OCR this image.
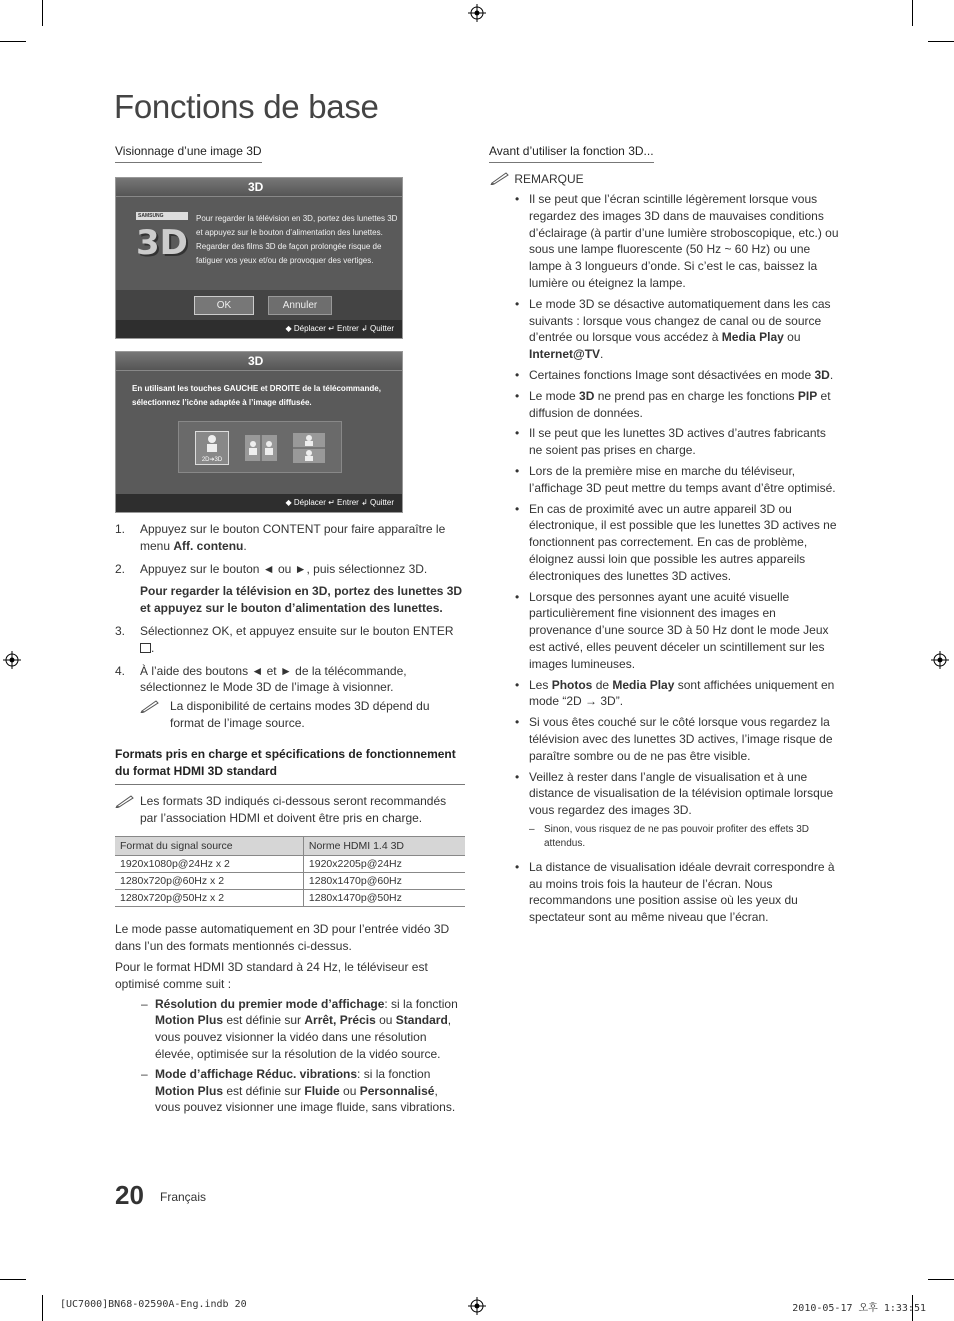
Fonctions de base
Visionnage d’une image 3D
3D
SAMSUNG
3D
Pour regarder la télévision en 3D, portez des lunettes 3D et appuyez sur le bouton d’alimentation des lunettes. Regarder des films 3D de façon prolongée risque de fatiguer vos yeux et/ou de provoquer des vertiges.
OK	Annuler
◆ Déplacer ↵ Entrer ↲ Quitter
3D
En utilisant les touches GAUCHE et DROITE de la télécommande, sélectionnez l’icône adaptée à l’image diffusée.
2D➔3D
◆ Déplacer ↵ Entrer ↲ Quitter
1. Appuyez sur le bouton CONTENT pour faire apparaître le menu Aff. contenu.
2. Appuyez sur le bouton ◄ ou ►, puis sélectionnez 3D.
Pour regarder la télévision en 3D, portez des lunettes 3D et appuyez sur le bouton d’alimentation des lunettes.
3. Sélectionnez OK, et appuyez ensuite sur le bouton ENTER .
4. À l’aide des boutons ◄ et ► de la télécommande, sélectionnez le Mode 3D de l’image à visionner.
La disponibilité de certains modes 3D dépend du format de l’image source.
Formats pris en charge et spécifications de fonctionnement du format HDMI 3D standard
Les formats 3D indiqués ci-dessous seront recommandés par l’association HDMI et doivent être pris en charge.
Format du signal source	Norme HDMI 1.4 3D
1920x1080p@24Hz x 2	1920x2205p@24Hz
1280x720p@60Hz x 2	1280x1470p@60Hz
1280x720p@50Hz x 2	1280x1470p@50Hz

Le mode passe automatiquement en 3D pour l’entrée vidéo 3D dans l’un des formats mentionnés ci-dessus.

Pour le format HDMI 3D standard à 24 Hz, le téléviseur est optimisé comme suit :

– Résolution du premier mode d’affichage: si la fonction Motion Plus est définie sur Arrêt, Précis ou Standard, vous pouvez visionner la vidéo dans une résolution élevée, optimisée sur la résolution de la vidéo source.
– Mode d’affichage Réduc. vibrations: si la fonction Motion Plus est définie sur Fluide ou Personnalisé, vous pouvez visionner une image fluide, sans vibrations.
Avant d’utiliser la fonction 3D...
REMARQUE
• Il se peut que l’écran scintille légèrement lorsque vous regardez des images 3D dans de mauvaises conditions d’éclairage (à partir d’une lumière stroboscopique, etc.) ou sous une lampe fluorescente (50 Hz ~ 60 Hz) ou une lampe à 3 longueurs d’onde. Si c’est le cas, baissez la lumière ou éteignez la lampe.
• Le mode 3D se désactive automatiquement dans les cas suivants : lorsque vous changez de canal ou de source d’entrée ou lorsque vous accédez à Media Play ou Internet@TV.
• Certaines fonctions Image sont désactivées en mode 3D.
• Le mode 3D ne prend pas en charge les fonctions PIP et diffusion de données.
• Il se peut que les lunettes 3D actives d’autres fabricants ne soient pas prises en charge.
• Lors de la première mise en marche du téléviseur, l’affichage 3D peut mettre du temps avant d’être optimisé.
• En cas de proximité avec un autre appareil 3D ou électronique, il est possible que les lunettes 3D actives ne fonctionnent pas correctement. En cas de problème, éloignez aussi loin que possible les autres appareils électroniques des lunettes 3D actives.
• Lorsque des personnes ayant une acuité visuelle particulièrement fine visionnent des images en provenance d’une source 3D à 50 Hz dont le mode Jeux est activé, elles peuvent déceler un scintillement sur les images lumineuses.
• Les Photos de Media Play sont affichées uniquement en mode “2D → 3D”.
• Si vous êtes couché sur le côté lorsque vous regardez la télévision avec des lunettes 3D actives, l’image risque de paraître sombre ou de ne pas être visible.
• Veillez à rester dans l’angle de visualisation et à une distance de visualisation de la télévision optimale lorsque vous regardez des images 3D.
– Sinon, vous risquez de ne pas pouvoir profiter des effets 3D attendus.
• La distance de visualisation idéale devrait correspondre à au moins trois fois la hauteur de l’écran. Nous recommandons une position assise où les yeux du spectateur sont au même niveau que l’écran.
20 Français
[UC7000]BN68-02590A-Eng.indb 20	2010-05-17 오후 1:33:51
